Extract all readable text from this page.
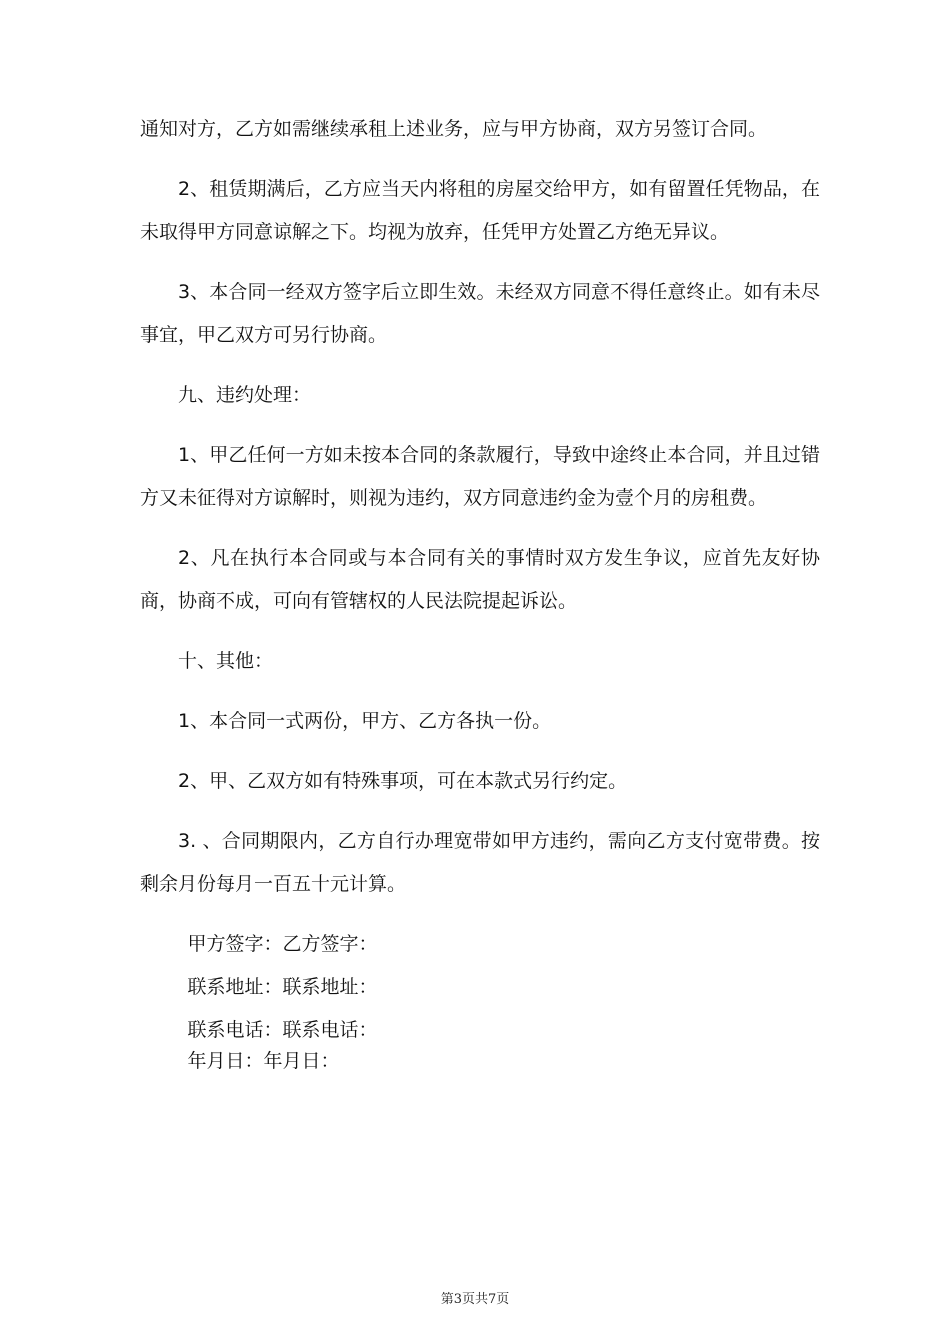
通知对方，乙方如需继续承租上述业务，应与甲方协商，双方另签订合同。

2、租赁期满后，乙方应当天内将租的房屋交给甲方，如有留置任凭物品，在未取得甲方同意谅解之下。均视为放弃，任凭甲方处置乙方绝无异议。

3、本合同一经双方签字后立即生效。未经双方同意不得任意终止。如有未尽事宜，甲乙双方可另行协商。

九、违约处理：

1、甲乙任何一方如未按本合同的条款履行，导致中途终止本合同，并且过错方又未征得对方谅解时，则视为违约，双方同意违约金为壹个月的房租费。

2、凡在执行本合同或与本合同有关的事情时双方发生争议，应首先友好协商，协商不成，可向有管辖权的人民法院提起诉讼。

十、其他：

1、本合同一式两份，甲方、乙方各执一份。

2、甲、乙双方如有特殊事项，可在本款式另行约定。

3. 、合同期限内，乙方自行办理宽带如甲方违约，需向乙方支付宽带费。按剩余月份每月一百五十元计算。

甲方签字：乙方签字：

联系地址：联系地址：

联系电话：联系电话：

年月日：年月日：

第3页共7页
